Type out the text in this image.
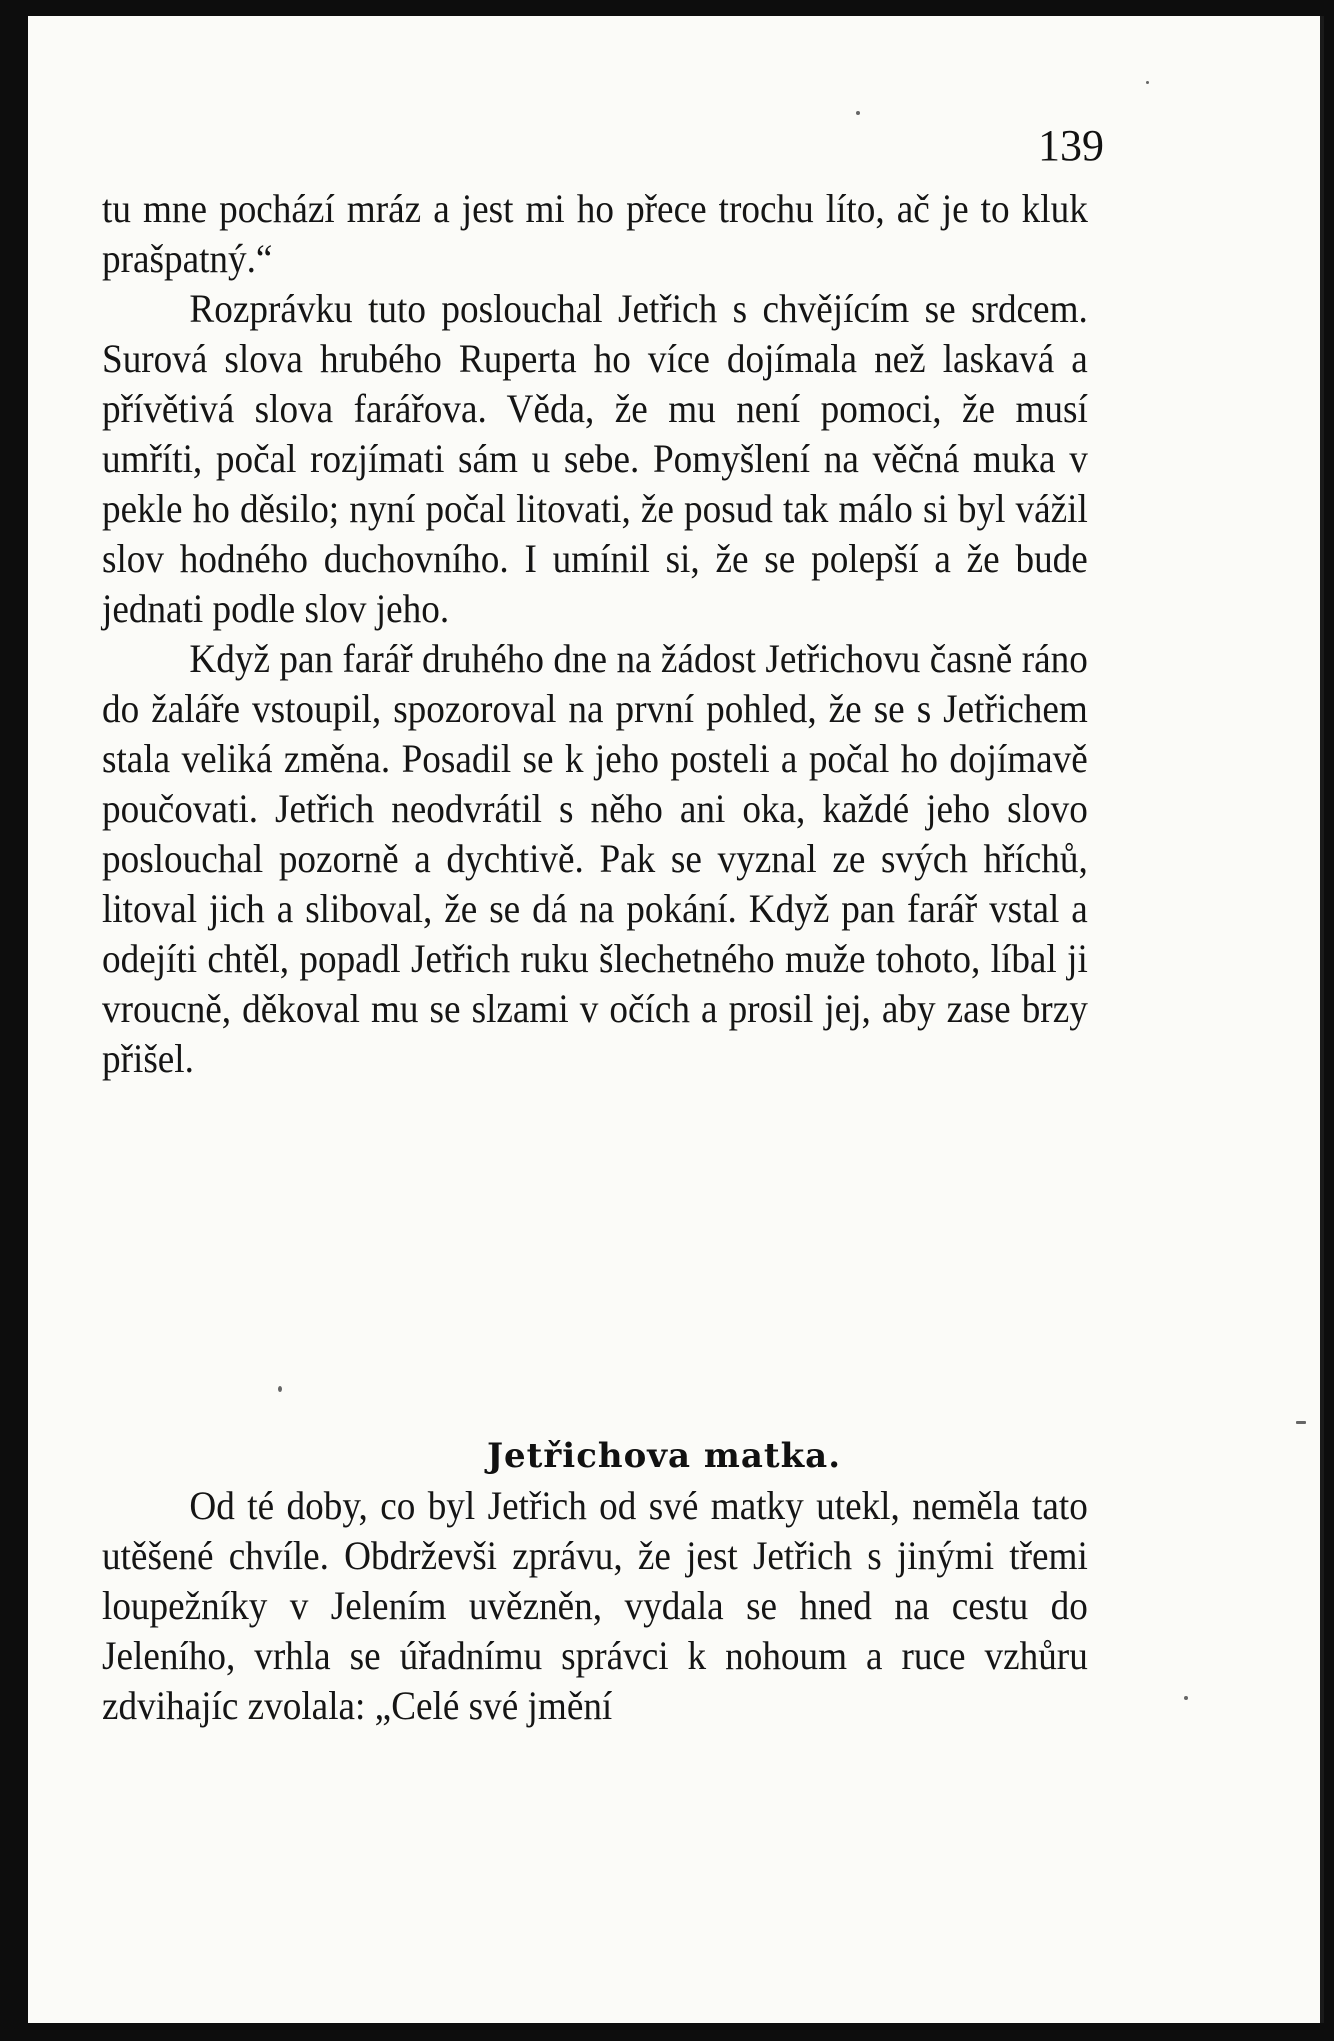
139

tu mne pochází mráz a jest mi ho přece trochu líto, ač je to kluk prašpatný.“

Rozprávku tuto poslouchal Jetřich s chvějícím se srdcem. Surová slova hrubého Ruperta ho více dojímala než laskavá a přívětivá slova farářova. Věda, že mu není pomoci, že musí umříti, počal rozjímati sám u sebe. Pomyšlení na věčná muka v pekle ho děsilo; nyní počal litovati, že posud tak málo si byl vážil slov hodného duchovního. I umínil si, že se polepší a že bude jednati podle slov jeho.

Když pan farář druhého dne na žádost Jetřichovu časně ráno do žaláře vstoupil, spozoroval na první pohled, že se s Jetřichem stala veliká změna. Posadil se k jeho posteli a počal ho dojímavě poučovati. Jetřich neodvrátil s něho ani oka, každé jeho slovo poslouchal pozorně a dychtivě. Pak se vyznal ze svých hříchů, litoval jich a sliboval, že se dá na pokání. Když pan farář vstal a odejíti chtěl, popadl Jetřich ruku šlechetného muže tohoto, líbal ji vroucně, děkoval mu se slzami v očích a prosil jej, aby zase brzy přišel.

Jetřichova matka.

Od té doby, co byl Jetřich od své matky utekl, neměla tato utěšené chvíle. Obdrževši zprávu, že jest Jetřich s jinými třemi loupežníky v Jelením uvězněn, vydala se hned na cestu do Jeleního, vrhla se úřadnímu správci k nohoum a ruce vzhůru zdvihajíc zvolala: „Celé své jmění
